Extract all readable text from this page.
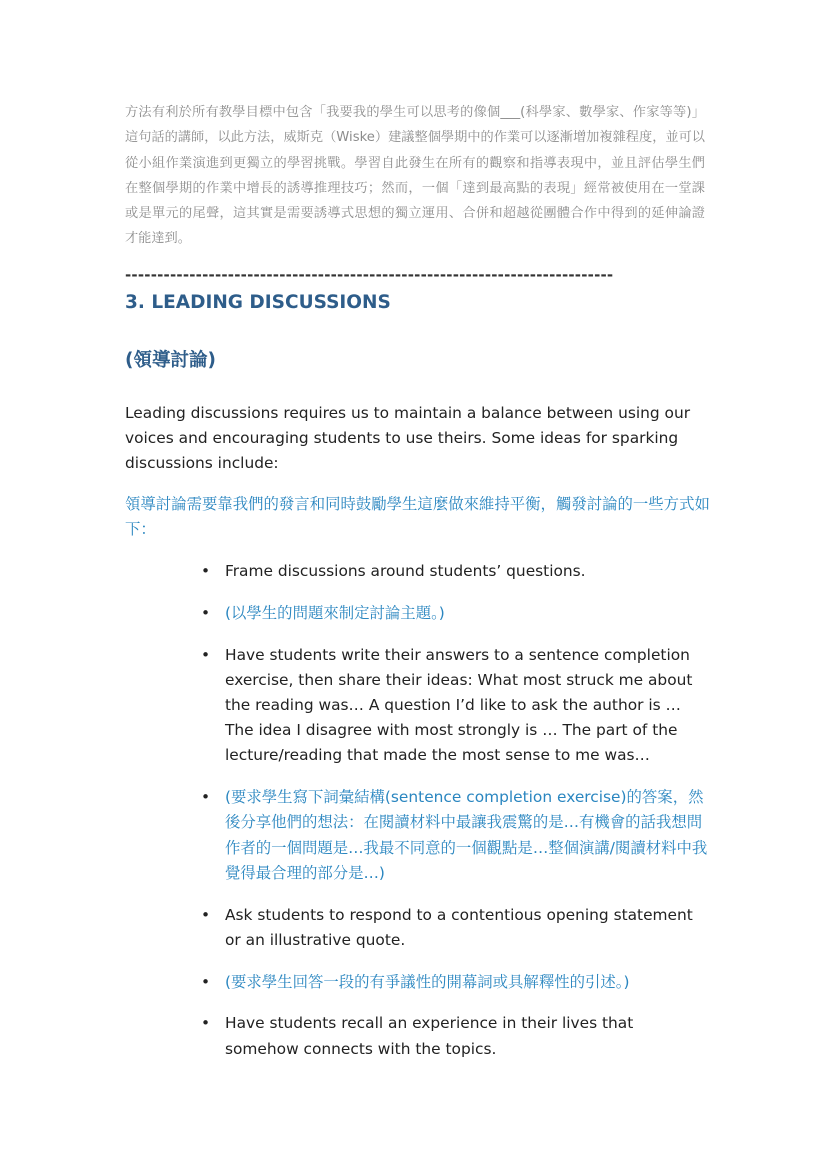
方法有利於所有教學目標中包含「我要我的學生可以思考的像個___(科學家、數學家、作家等等)」這句話的講師，以此方法，威斯克（Wiske）建議整個學期中的作業可以逐漸增加複雜程度，並可以從小組作業演進到更獨立的學習挑戰。學習自此發生在所有的觀察和指導表現中，並且評估學生們在整個學期的作業中增長的誘導推理技巧；然而，一個「達到最高點的表現」經常被使用在一堂課或是單元的尾聲，這其實是需要誘導式思想的獨立運用、合併和超越從團體合作中得到的延伸論證才能達到。

----------------------------------------------------------------------------
3. LEADING DISCUSSIONS
(領導討論)

Leading discussions requires us to maintain a balance between using our voices and encouraging students to use theirs. Some ideas for sparking discussions include:

領導討論需要靠我們的發言和同時鼓勵學生這麼做來維持平衡，觸發討論的一些方式如下：

• Frame discussions around students’ questions.
• (以學生的問題來制定討論主題。)
• Have students write their answers to a sentence completion exercise, then share their ideas: What most struck me about the reading was… A question I’d like to ask the author is … The idea I disagree with most strongly is … The part of the lecture/reading that made the most sense to me was…
• (要求學生寫下詞彙結構(sentence completion exercise)的答案，然後分享他們的想法：在閱讀材料中最讓我震驚的是…有機會的話我想問作者的一個問題是…我最不同意的一個觀點是…整個演講/閱讀材料中我覺得最合理的部分是…)
• Ask students to respond to a contentious opening statement or an illustrative quote.
• (要求學生回答一段的有爭議性的開幕詞或具解釋性的引述。)
• Have students recall an experience in their lives that somehow connects with the topics.
